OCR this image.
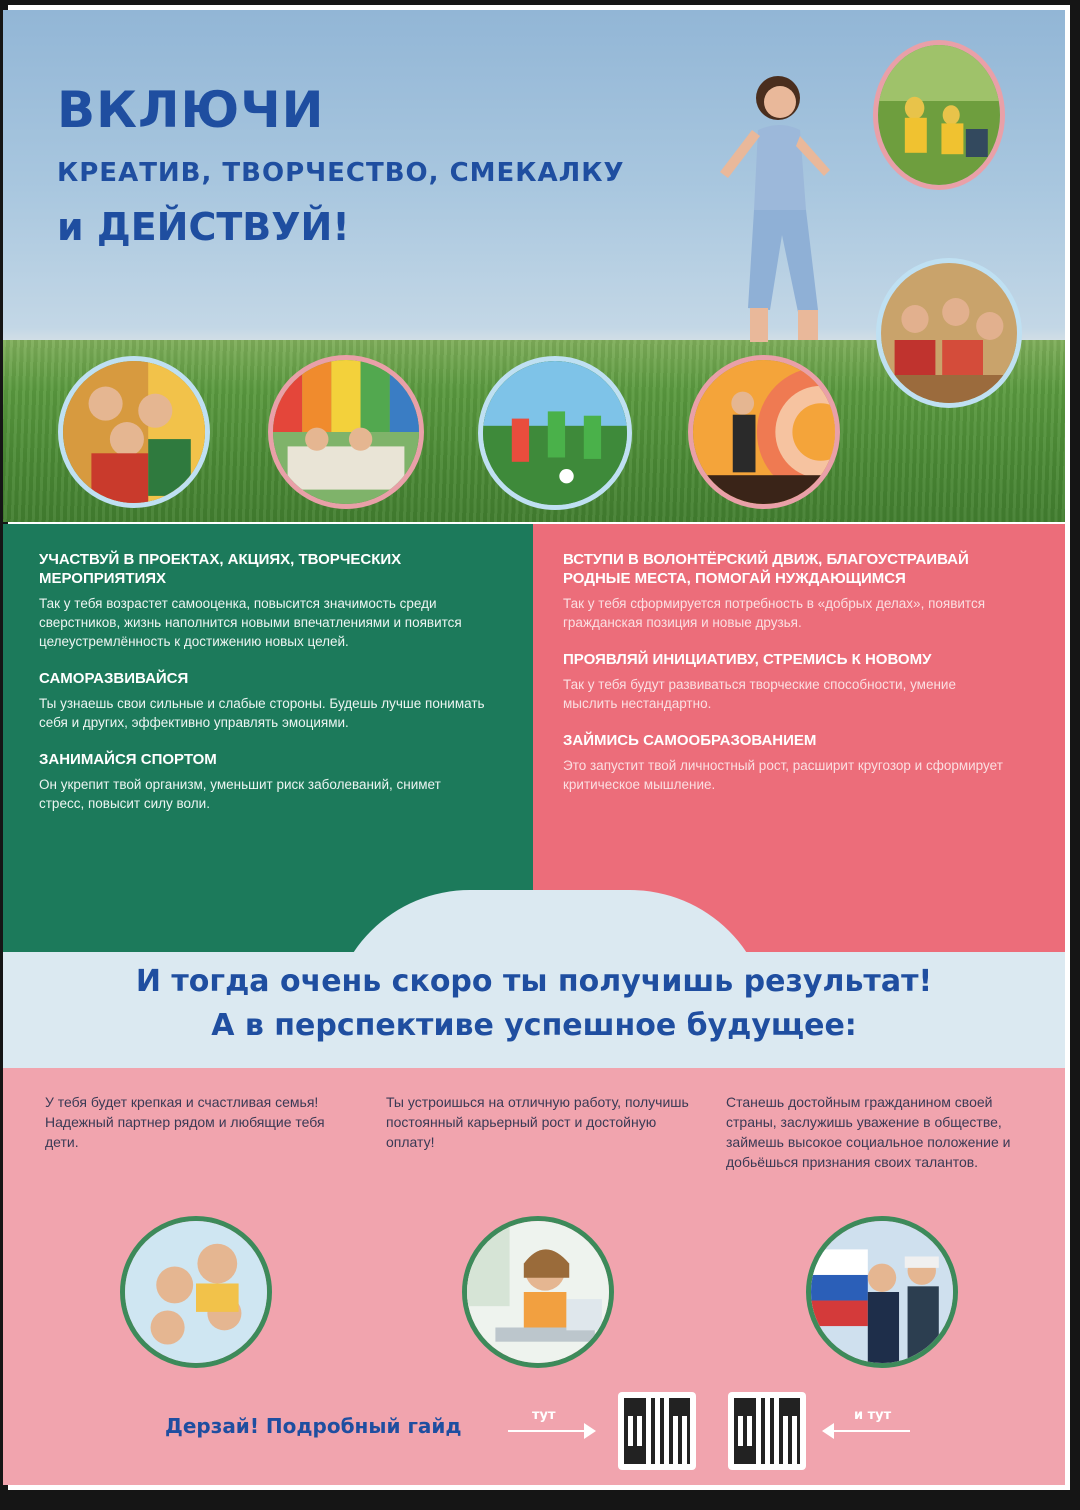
ВКЛЮЧИ
КРЕАТИВ, ТВОРЧЕСТВО, СМЕКАЛКУ
и ДЕЙСТВУЙ!
УЧАСТВУЙ В ПРОЕКТАХ, АКЦИЯХ, ТВОРЧЕСКИХ МЕРОПРИЯТИЯХ

Так у тебя возрастет самооценка, повысится значимость среди сверстников, жизнь наполнится новыми впечатлениями и появится целеустремлённость к достижению новых целей.

САМОРАЗВИВАЙСЯ

Ты узнаешь свои сильные и слабые стороны. Будешь лучше понимать себя и других, эффективно управлять эмоциями.

ЗАНИМАЙСЯ СПОРТОМ

Он укрепит твой организм, уменьшит риск заболеваний, снимет стресс, повысит силу воли.

ВСТУПИ В ВОЛОНТЁРСКИЙ ДВИЖ, БЛАГОУСТРАИВАЙ РОДНЫЕ МЕСТА, ПОМОГАЙ НУЖДАЮЩИМСЯ

Так у тебя сформируется потребность в «добрых делах», появится гражданская позиция и новые друзья.

ПРОЯВЛЯЙ ИНИЦИАТИВУ, СТРЕМИСЬ К НОВОМУ

Так у тебя будут развиваться творческие способности, умение мыслить нестандартно.

ЗАЙМИСЬ САМООБРАЗОВАНИЕМ

Это запустит твой личностный рост, расширит кругозор и сформирует критическое мышление.

И тогда очень скоро ты получишь результат!
А в перспективе успешное будущее:
У тебя будет крепкая и счастливая семья! Надежный партнер рядом и любящие тебя дети.
Ты устроишься на отличную работу, получишь постоянный карьерный рост и достойную оплату!
Станешь достойным гражданином своей страны, заслужишь уважение в обществе, займешь высокое социальное положение и добьёшься признания своих талантов.
Дерзай! Подробный гайд	тут	и тут
